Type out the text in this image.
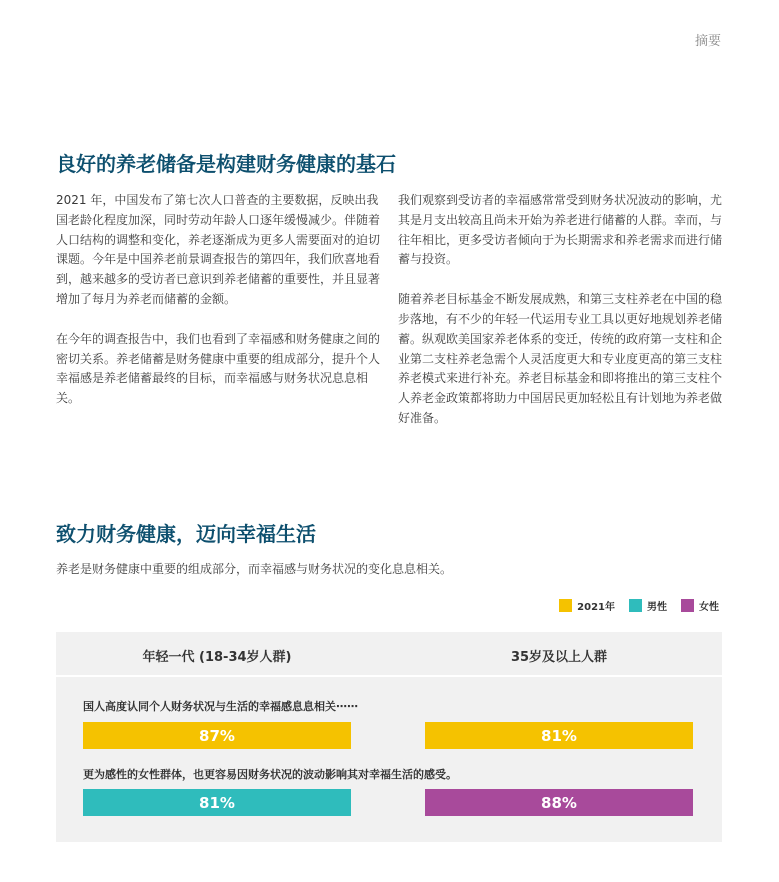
摘要
良好的养老储备是构建财务健康的基石

2021 年，中国发布了第七次人口普查的主要数据，反映出我国老龄化程度加深，同时劳动年龄人口逐年缓慢减少。伴随着人口结构的调整和变化，养老逐渐成为更多人需要面对的迫切课题。今年是中国养老前景调查报告的第四年，我们欣喜地看到，越来越多的受访者已意识到养老储蓄的重要性，并且显著增加了每月为养老而储蓄的金额。

在今年的调查报告中，我们也看到了幸福感和财务健康之间的密切关系。养老储蓄是财务健康中重要的组成部分，提升个人幸福感是养老储蓄最终的目标，而幸福感与财务状况息息相关。

我们观察到受访者的幸福感常常受到财务状况波动的影响，尤其是月支出较高且尚未开始为养老进行储蓄的人群。幸而，与往年相比，更多受访者倾向于为长期需求和养老需求而进行储蓄与投资。

随着养老目标基金不断发展成熟，和第三支柱养老在中国的稳步落地，有不少的年轻一代运用专业工具以更好地规划养老储蓄。纵观欧美国家养老体系的变迁，传统的政府第一支柱和企业第二支柱养老急需个人灵活度更大和专业度更高的第三支柱养老模式来进行补充。养老目标基金和即将推出的第三支柱个人养老金政策都将助力中国居民更加轻松且有计划地为养老做好准备。

致力财务健康，迈向幸福生活
养老是财务健康中重要的组成部分，而幸福感与财务状况的变化息息相关。
2021年	男性	女性
年轻一代 (18-34岁人群)	35岁及以上人群
国人高度认同个人财务状况与生活的幸福感息息相关⋯⋯
87%	81%
更为感性的女性群体，也更容易因财务状况的波动影响其对幸福生活的感受。
81%	88%
